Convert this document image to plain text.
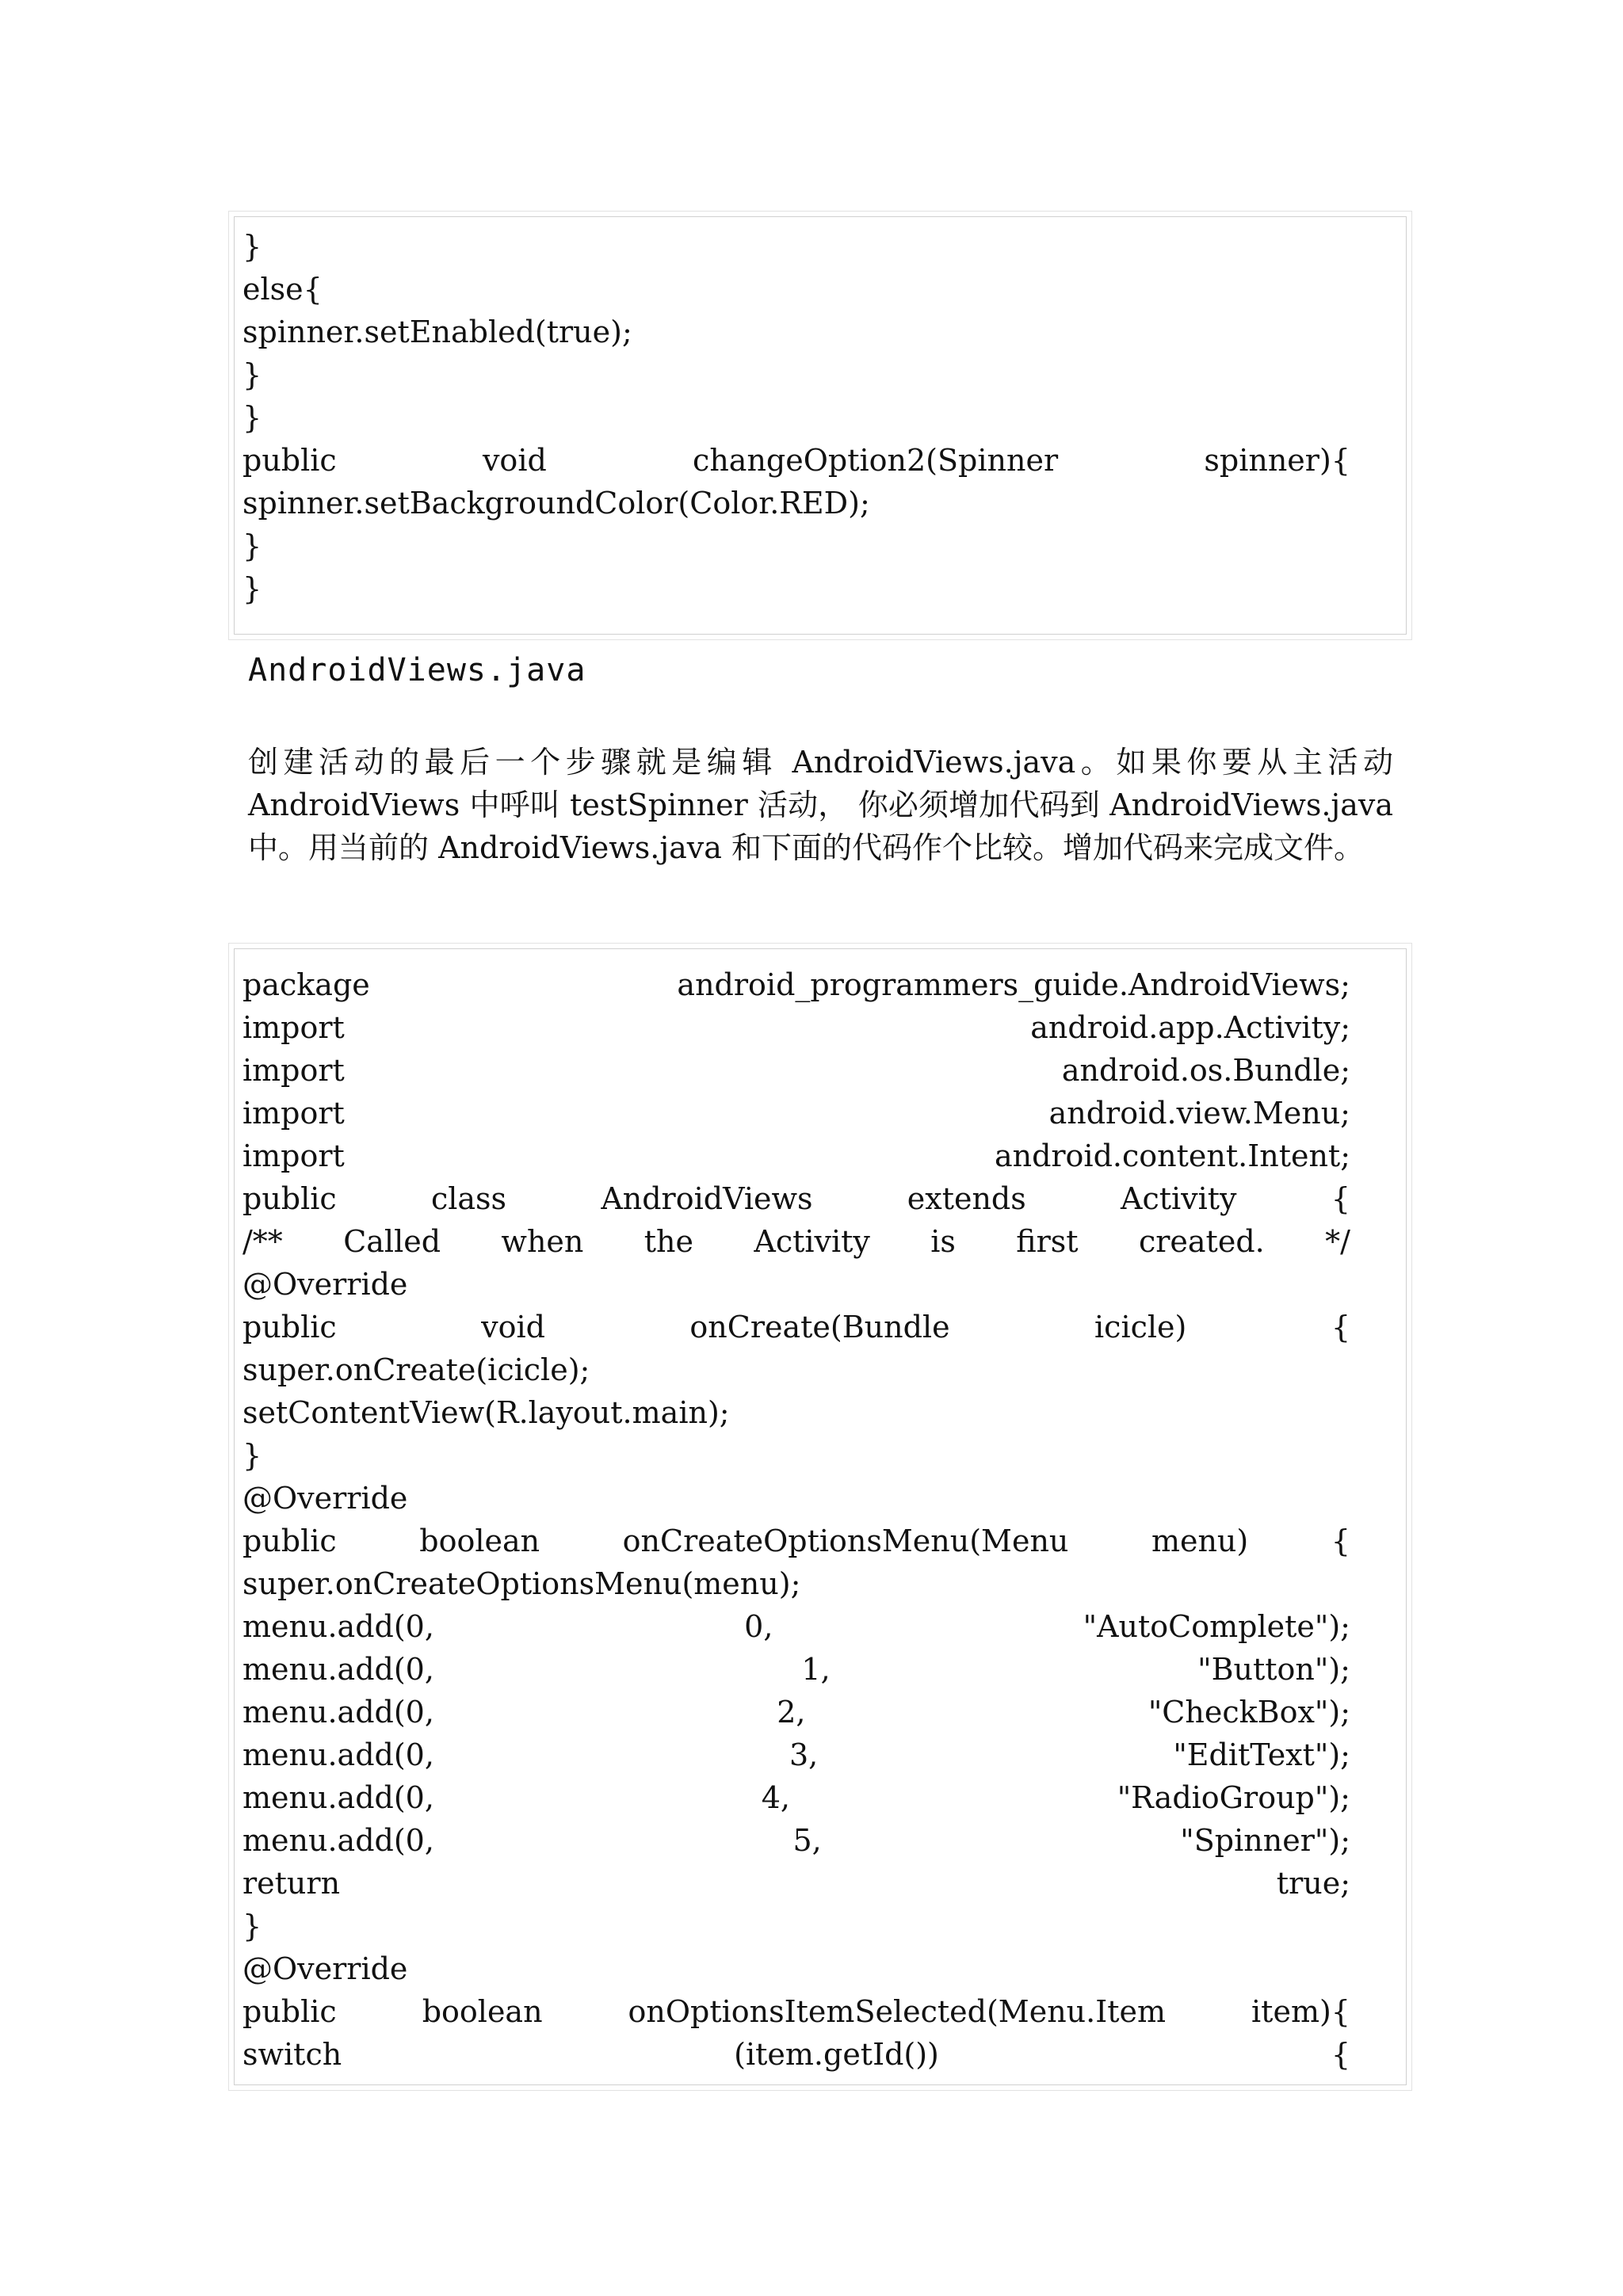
}
else{
spinner.setEnabled(true);
}
}
public	void	changeOption2(Spinner	spinner){
spinner.setBackgroundColor(Color.RED);
}
}
AndroidViews.java
创建活动的最后一个步骤就是编辑 AndroidViews.java。如果你要从主活动 AndroidViews 中呼叫 testSpinner 活动， 你必须增加代码到 AndroidViews.java 中。用当前的 AndroidViews.java 和下面的代码作个比较。增加代码来完成文件。
package	android_programmers_guide.AndroidViews;
import	android.app.Activity;
import	android.os.Bundle;
import	android.view.Menu;
import	android.content.Intent;
public	class	AndroidViews	extends	Activity	{
/** Called when the Activity is first created. */
@Override
public	void	onCreate(Bundle	icicle)	{
super.onCreate(icicle);
setContentView(R.layout.main);
}
@Override
public	boolean	onCreateOptionsMenu(Menu	menu)	{
super.onCreateOptionsMenu(menu);
menu.add(0,	0,	"AutoComplete");
menu.add(0,	1,	"Button");
menu.add(0,	2,	"CheckBox");
menu.add(0,	3,	"EditText");
menu.add(0,	4,	"RadioGroup");
menu.add(0,	5,	"Spinner");
return	true;
}
@Override
public	boolean	onOptionsItemSelected(Menu.Item	item){
switch	(item.getId())	{
